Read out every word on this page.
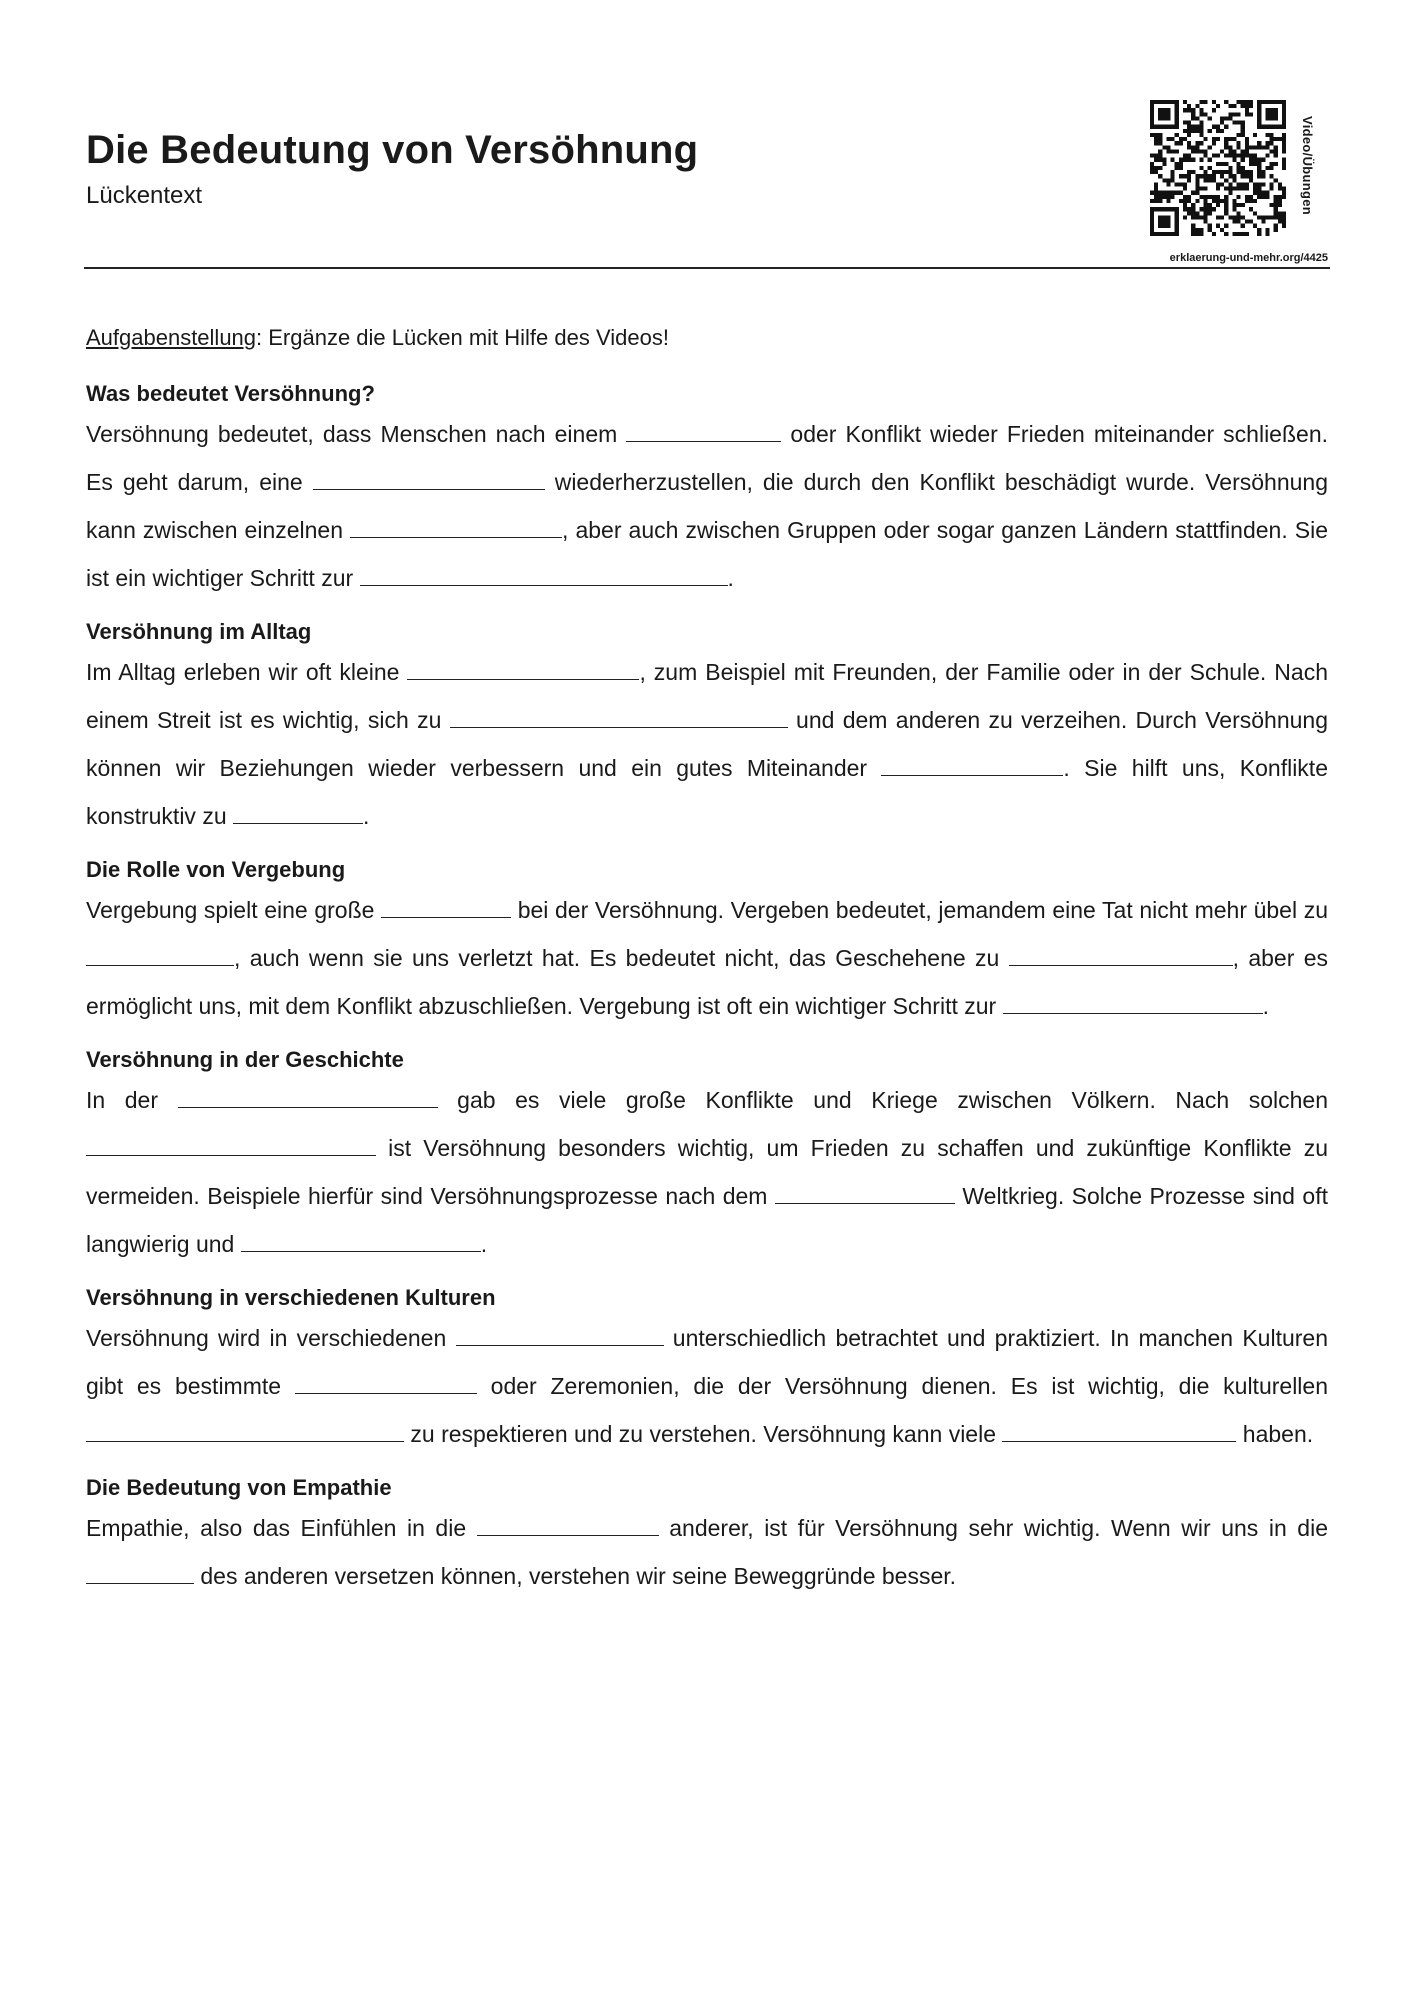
Die Bedeutung von Versöhnung
Lückentext	Video/Übungen
erklaerung-und-mehr.org/4425

Aufgabenstellung: Ergänze die Lücken mit Hilfe des Videos!

Was bedeutet Versöhnung?

Versöhnung bedeutet, dass Menschen nach einem	oder Konflikt wieder Frieden miteinander schließen. Es geht darum, eine	wiederherzustellen, die durch den Konflikt beschädigt wurde. Versöhnung kann zwischen einzelnen	, aber auch zwischen Gruppen oder sogar ganzen Ländern stattfinden. Sie ist ein wichtiger Schritt zur	.

Versöhnung im Alltag

Im Alltag erleben wir oft kleine	, zum Beispiel mit Freunden, der Familie oder in der Schule. Nach einem Streit ist es wichtig, sich zu	und dem anderen zu verzeihen. Durch Versöhnung können wir Beziehungen wieder verbessern und ein gutes Miteinander	. Sie hilft uns, Konflikte konstruktiv zu	.

Die Rolle von Vergebung

Vergebung spielt eine große	bei der Versöhnung. Vergeben bedeutet, jemandem eine Tat nicht mehr übel zu , auch wenn sie uns verletzt hat. Es bedeutet nicht, das Geschehene zu	, aber es ermöglicht uns, mit dem Konflikt abzuschließen. Vergebung ist oft ein wichtiger Schritt zur	.

Versöhnung in der Geschichte

In der	gab es viele große Konflikte und Kriege zwischen Völkern. Nach solchen  ist Versöhnung besonders wichtig, um Frieden zu schaffen und zukünftige Konflikte zu vermeiden. Beispiele hierfür sind Versöhnungsprozesse nach dem	Weltkrieg. Solche Prozesse sind oft langwierig und	.

Versöhnung in verschiedenen Kulturen

Versöhnung wird in verschiedenen	unterschiedlich betrachtet und praktiziert. In manchen Kulturen gibt es bestimmte	oder Zeremonien, die der Versöhnung dienen. Es ist wichtig, die kulturellen  zu respektieren und zu verstehen. Versöhnung kann viele	haben.

Die Bedeutung von Empathie

Empathie, also das Einfühlen in die	anderer, ist für Versöhnung sehr wichtig. Wenn wir uns in die  des anderen versetzen können, verstehen wir seine Beweggründe besser.
